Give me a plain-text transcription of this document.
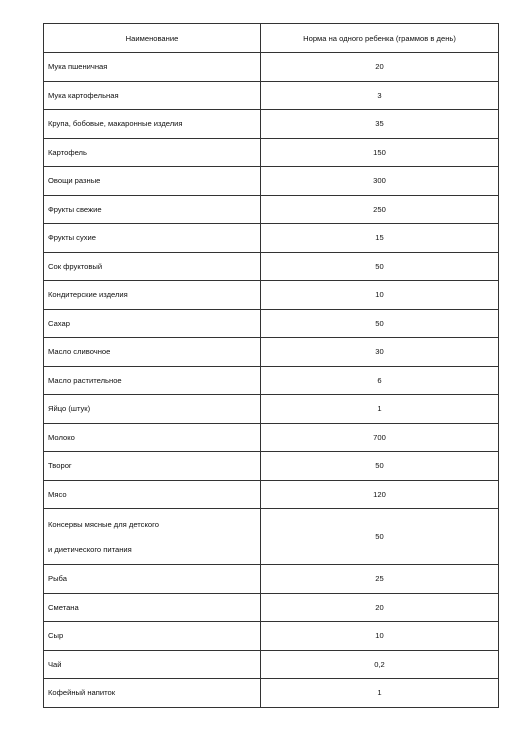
Наименование	Норма на одного ребенка (граммов в день)
Мука пшеничная	20
Мука картофельная	3
Крупа, бобовые, макаронные изделия	35
Картофель	150
Овощи разные	300
Фрукты свежие	250
Фрукты сухие	15
Сок фруктовый	50
Кондитерские изделия	10
Сахар	50
Масло сливочное	30
Масло растительное	6
Яйцо (штук)	1
Молоко	700
Творог	50
Мясо	120

Консервы мясные для детского
и диетического питания	50
Рыба	25
Сметана	20
Сыр	10
Чай	0,2
Кофейный напиток	1
